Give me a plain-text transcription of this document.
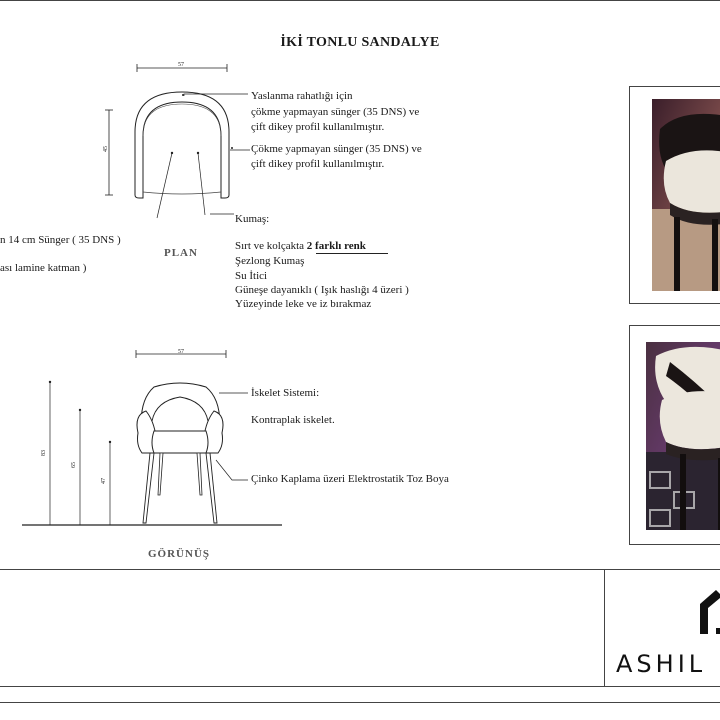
İKİ TONLU SANDALYE
57
45
Yaslanma rahatlığı için
çökme yapmayan sünger (35 DNS) ve
çift dikey profil kullanılmıştır.
Çökme yapmayan sünger (35 DNS) ve
çift dikey profil kullanılmıştır.
Kumaş:
Sırt ve kolçakta 2 farklı renk
Şezlong Kumaş
Su İtici
Güneşe dayanıklı ( Işık haslığı 4 üzeri )
Yüzeyinde leke ve iz bırakmaz
n 14 cm Sünger ( 35 DNS )
ası lamine katman )
PLAN
57
83
65
47
İskelet Sistemi:
Kontraplak iskelet.
Çinko Kaplama üzeri Elektrostatik Toz Boya
GÖRÜNÜŞ
ASHIL
